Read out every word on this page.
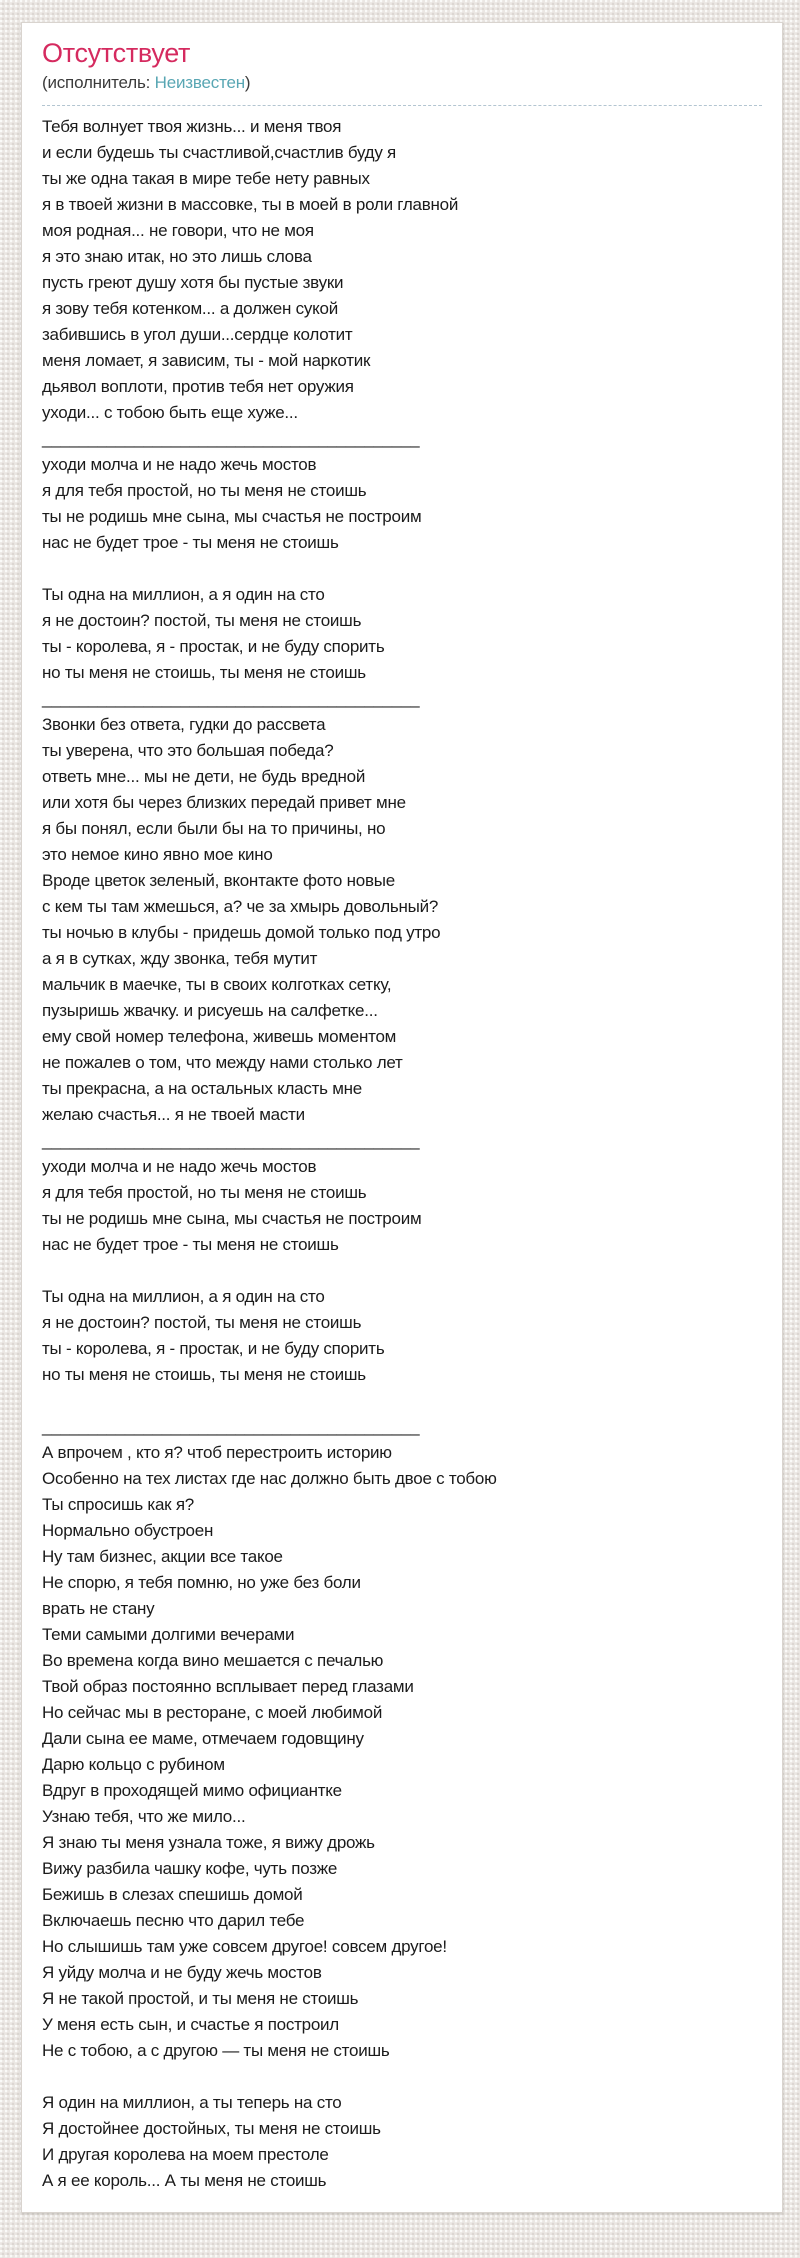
Отсутствует
(исполнитель: Неизвестен)
Тебя волнует твоя жизнь... и меня твоя
и если будешь ты счастливой,счастлив буду я
ты же одна такая в мире тебе нету равных
я в твоей жизни в массовке, ты в моей в роли главной
моя родная... не говори, что не моя
я это знаю итак, но это лишь слова
пусть греют душу хотя бы пустые звуки
я зову тебя котенком... а должен сукой
забившись в угол души...сердце колотит
меня ломает, я зависим, ты - мой наркотик
дьявол воплоти, против тебя нет оружия
уходи... с тобою быть еще хуже...
_________________________________________
уходи молча и не надо жечь мостов
я для тебя простой, но ты меня не стоишь
ты не родишь мне сына, мы счастья не построим
нас не будет трое - ты меня не стоишь
Ты одна на миллион, а я один на сто
я не достоин? постой, ты меня не стоишь
ты - королева, я - простак, и не буду спорить
но ты меня не стоишь, ты меня не стоишь
_________________________________________
Звонки без ответа, гудки до рассвета
ты уверена, что это большая победа?
ответь мне... мы не дети, не будь вредной
или хотя бы через близких передай привет мне
я бы понял, если были бы на то причины, но
это немое кино явно мое кино
Вроде цветок зеленый, вконтакте фото новые
с кем ты там жмешься, а? че за хмырь довольный?
ты ночью в клубы - придешь домой только под утро
а я в сутках, жду звонка, тебя мутит
мальчик в маечке, ты в своих колготках сетку,
пузыришь жвачку. и рисуешь на салфетке...
ему свой номер телефона, живешь моментом
не пожалев о том, что между нами столько лет
ты прекрасна, а на остальных класть мне
желаю счастья... я не твоей масти
_________________________________________
уходи молча и не надо жечь мостов
я для тебя простой, но ты меня не стоишь
ты не родишь мне сына, мы счастья не построим
нас не будет трое - ты меня не стоишь
Ты одна на миллион, а я один на сто
я не достоин? постой, ты меня не стоишь
ты - королева, я - простак, и не буду спорить
но ты меня не стоишь, ты меня не стоишь
_________________________________________
А впрочем , кто я? чтоб перестроить историю
Особенно на тех листах где нас должно быть двое с тобою
Ты спросишь как я?
Нормально обустроен
Ну там бизнес, акции все такое
Не спорю, я тебя помню, но уже без боли
врать не стану
Теми самыми долгими вечерами
Во времена когда вино мешается с печалью
Твой образ постоянно всплывает перед глазами
Но сейчас мы в ресторане, с моей любимой
Дали сына ее маме, отмечаем годовщину
Дарю кольцо с рубином
Вдруг в проходящей мимо официантке
Узнаю тебя, что же мило...
Я знаю ты меня узнала тоже, я вижу дрожь
Вижу разбила чашку кофе, чуть позже
Бежишь в слезах спешишь домой
Включаешь песню что дарил тебе
Но слышишь там уже совсем другое! совсем другое!
Я уйду молча и не буду жечь мостов
Я не такой простой, и ты меня не стоишь
У меня есть сын, и счастье я построил
Не с тобою, а с другою — ты меня не стоишь
Я один на миллион, а ты теперь на сто
Я достойнее достойных, ты меня не стоишь
И другая королева на моем престоле
А я ее король... А ты меня не стоишь
